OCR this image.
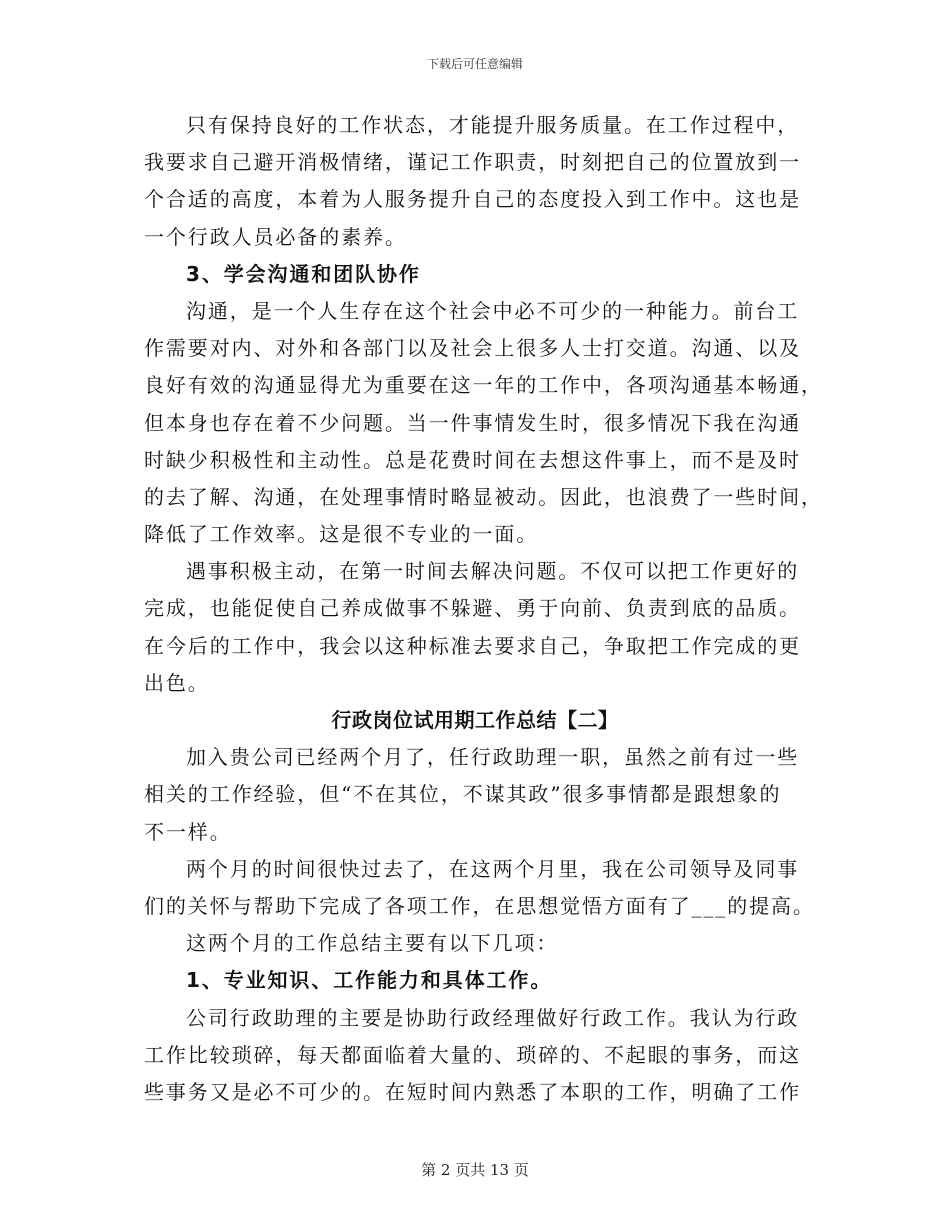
下载后可任意编辑
只有保持良好的工作状态，才能提升服务质量。在工作过程中，
我要求自己避开消极情绪，谨记工作职责，时刻把自己的位置放到一
个合适的高度，本着为人服务提升自己的态度投入到工作中。这也是
一个行政人员必备的素养。
3、学会沟通和团队协作
沟通，是一个人生存在这个社会中必不可少的一种能力。前台工
作需要对内、对外和各部门以及社会上很多人士打交道。沟通、以及
良好有效的沟通显得尤为重要在这一年的工作中，各项沟通基本畅通，
但本身也存在着不少问题。当一件事情发生时，很多情况下我在沟通
时缺少积极性和主动性。总是花费时间在去想这件事上，而不是及时
的去了解、沟通，在处理事情时略显被动。因此，也浪费了一些时间，
降低了工作效率。这是很不专业的一面。
遇事积极主动，在第一时间去解决问题。不仅可以把工作更好的
完成，也能促使自己养成做事不躲避、勇于向前、负责到底的品质。
在今后的工作中，我会以这种标准去要求自己，争取把工作完成的更
出色。
行政岗位试用期工作总结【二】
加入贵公司已经两个月了，任行政助理一职，虽然之前有过一些
相关的工作经验，但“不在其位，不谋其政”很多事情都是跟想象的
不一样。
两个月的时间很快过去了，在这两个月里，我在公司领导及同事
们的关怀与帮助下完成了各项工作，在思想觉悟方面有了___的提高。
这两个月的工作总结主要有以下几项：
1、专业知识、工作能力和具体工作。
公司行政助理的主要是协助行政经理做好行政工作。我认为行政
工作比较琐碎，每天都面临着大量的、琐碎的、不起眼的事务，而这
些事务又是必不可少的。在短时间内熟悉了本职的工作，明确了工作
第 2 页共 13 页
